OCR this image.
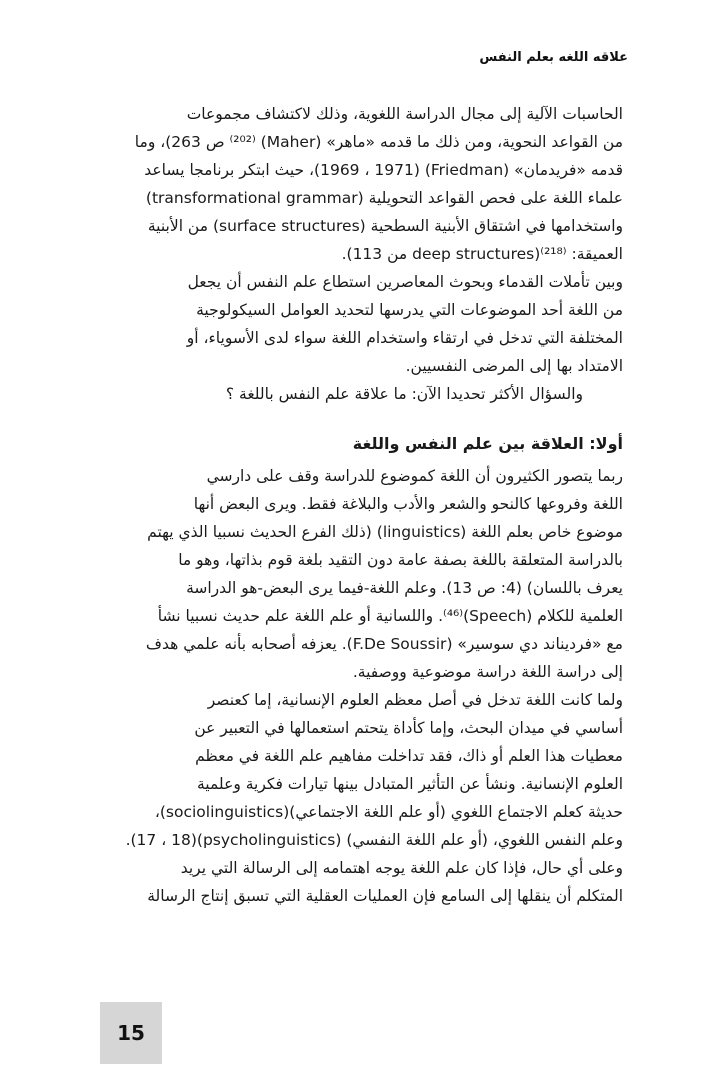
علاقه اللغه بعلم النفس

الحاسبات الآلية إلى مجال الدراسة اللغوية، وذلك لاكتشاف مجموعات
من القواعد النحوية، ومن ذلك ما قدمه «ماهر» (Maher) ⁽²⁰²⁾ ص 263)، وما
قدمه «فريدمان» (Friedman) (1969 ، 1971)، حيث ابتكر برنامجا يساعد
علماء اللغة على فحص القواعد التحويلية (transformational grammar)
واستخدامها في اشتقاق الأبنية السطحية (surface structures) من الأبنية
العميقة: ⁽²¹⁸⁾(deep structures من 113).

وبين تأملات القدماء وبحوث المعاصرين استطاع علم النفس أن يجعل
من اللغة أحد الموضوعات التي يدرسها لتحديد العوامل السيكولوجية
المختلفة التي تدخل في ارتقاء واستخدام اللغة سواء لدى الأسوياء، أو
الامتداد بها إلى المرضى النفسيين.

والسؤال الأكثر تحديدا الآن: ما علاقة علم النفس باللغة ؟

أولا: العلاقة بين علم النفس واللغة

ربما يتصور الكثيرون أن اللغة كموضوع للدراسة وقف على دارسي
اللغة وفروعها كالنحو والشعر والأدب والبلاغة فقط. ويرى البعض أنها
موضوع خاص بعلم اللغة (linguistics) (ذلك الفرع الحديث نسبيا الذي يهتم
بالدراسة المتعلقة باللغة بصفة عامة دون التقيد بلغة قوم بذاتها، وهو ما
يعرف باللسان) (4: ص 13). وعلم اللغة-فيما يرى البعض-هو الدراسة
العلمية للكلام (Speech)⁽⁴⁶⁾. واللسانية أو علم اللغة علم حديث نسبيا نشأ
مع «فرديناند دي سوسير» (F.De Soussir). يعزفه أصحابه بأنه علمي هدف
إلى دراسة اللغة دراسة موضوعية ووصفية.

ولما كانت اللغة تدخل في أصل معظم العلوم الإنسانية، إما كعنصر
أساسي في ميدان البحث، وإما كأداة يتحتم استعمالها في التعبير عن
معطيات هذا العلم أو ذاك، فقد تداخلت مفاهيم علم اللغة في معظم
العلوم الإنسانية. ونشأ عن التأثير المتبادل بينها تيارات فكرية وعلمية
حديثة كعلم الاجتماع اللغوي (أو علم اللغة الاجتماعي)(sociolinguistics)،
وعلم النفس اللغوي، (أو علم اللغة النفسي) (psycholinguistics)(17 ، 18).

وعلى أي حال، فإذا كان علم اللغة يوجه اهتمامه إلى الرسالة التي يريد
المتكلم أن ينقلها إلى السامع فإن العمليات العقلية التي تسبق إنتاج الرسالة

15
